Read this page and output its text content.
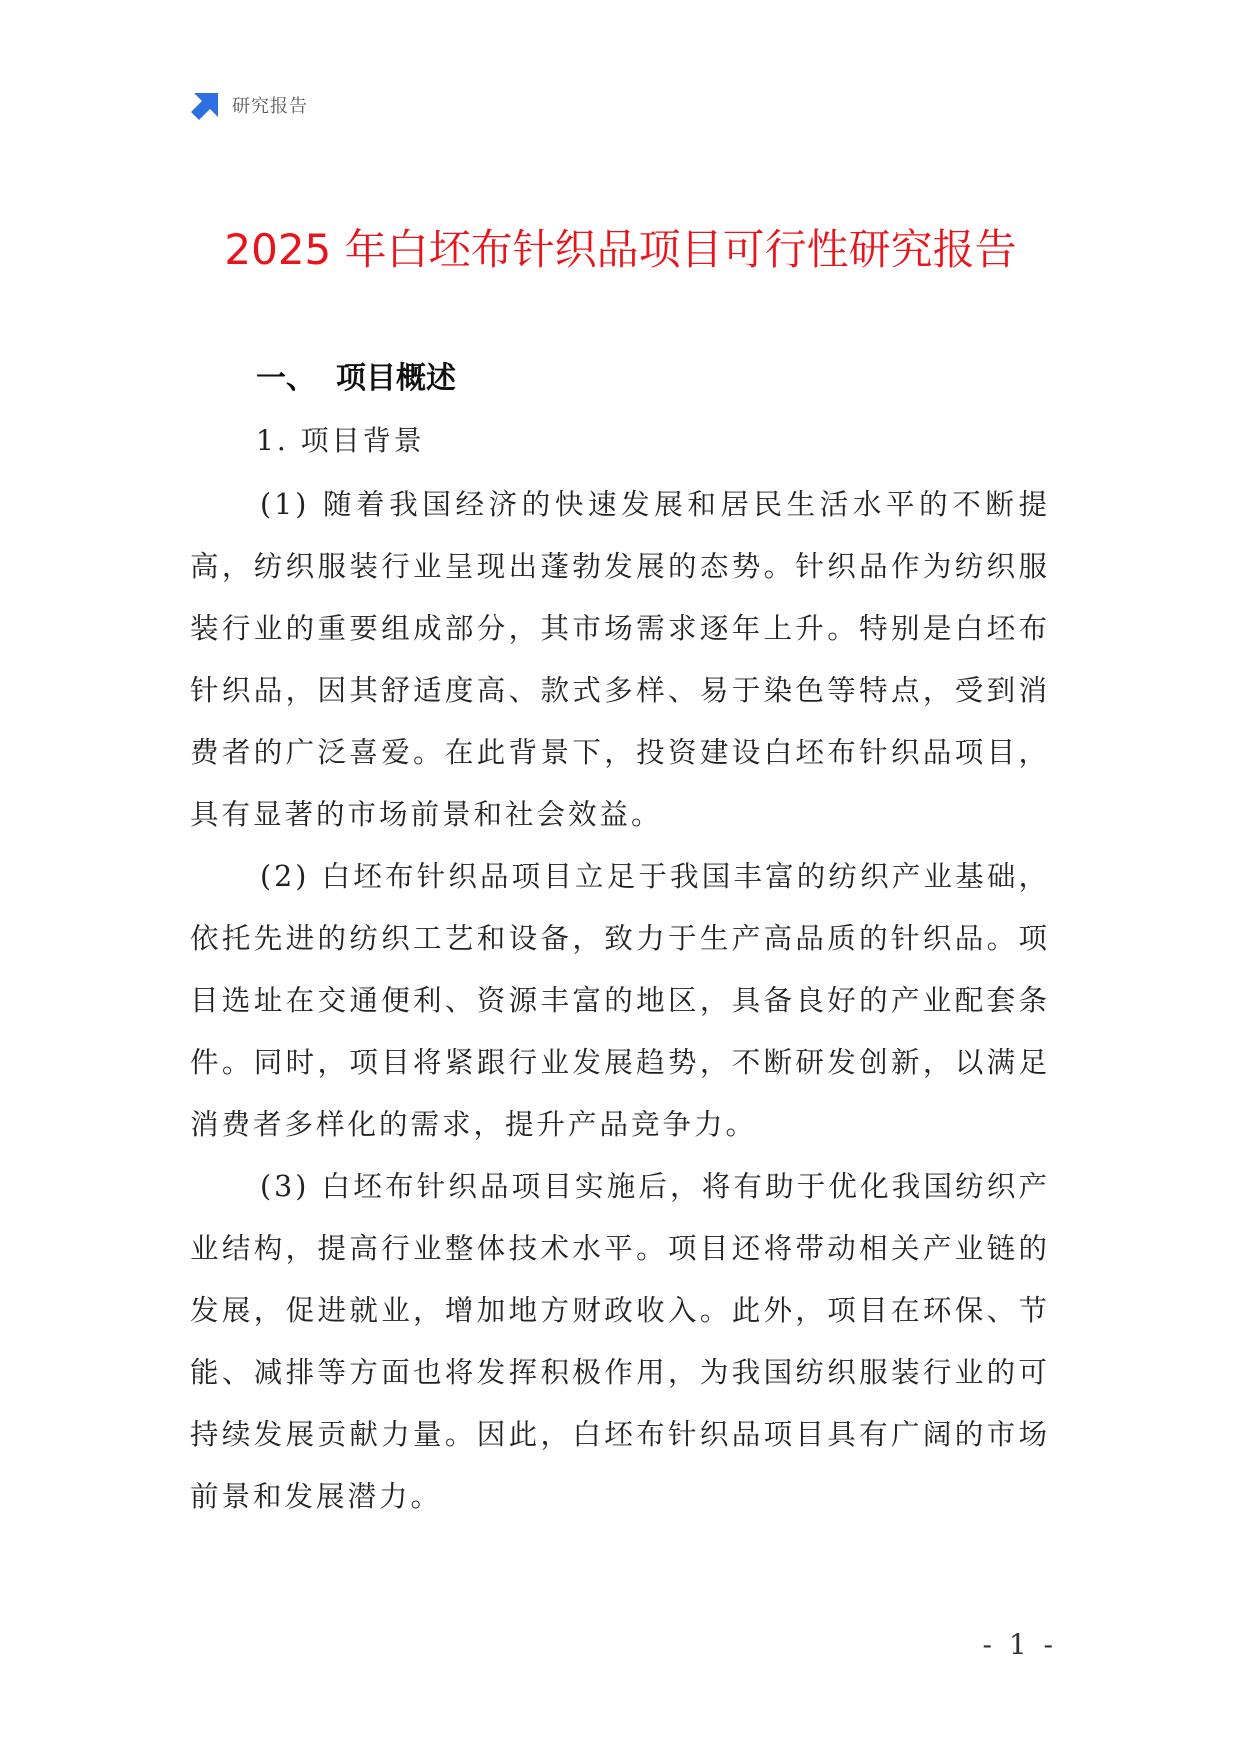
研究报告
2025 年白坯布针织品项目可行性研究报告
一、 项目概述
1. 项目背景

(1) 随着我国经济的快速发展和居民生活水平的不断提高，纺织服装行业呈现出蓬勃发展的态势。针织品作为纺织服装行业的重要组成部分，其市场需求逐年上升。特别是白坯布针织品，因其舒适度高、款式多样、易于染色等特点，受到消费者的广泛喜爱。在此背景下，投资建设白坯布针织品项目，具有显著的市场前景和社会效益。

(2) 白坯布针织品项目立足于我国丰富的纺织产业基础，依托先进的纺织工艺和设备，致力于生产高品质的针织品。项目选址在交通便利、资源丰富的地区，具备良好的产业配套条件。同时，项目将紧跟行业发展趋势，不断研发创新，以满足消费者多样化的需求，提升产品竞争力。

(3) 白坯布针织品项目实施后，将有助于优化我国纺织产业结构，提高行业整体技术水平。项目还将带动相关产业链的发展，促进就业，增加地方财政收入。此外，项目在环保、节能、减排等方面也将发挥积极作用，为我国纺织服装行业的可持续发展贡献力量。因此，白坯布针织品项目具有广阔的市场前景和发展潜力。

- 1 -
